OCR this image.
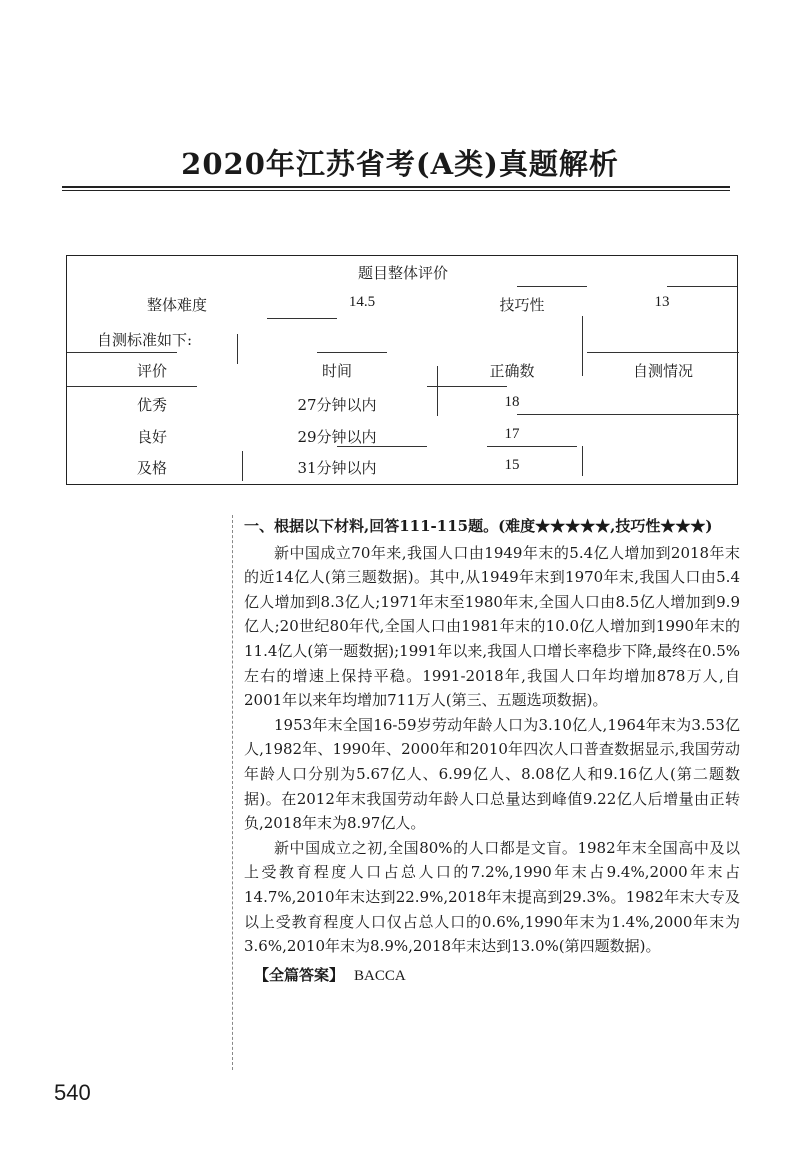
2020年江苏省考(A类)真题解析
题目整体评价
整体难度	14.5	技巧性	13
自测标准如下:
评价	时间	正确数	自测情况
优秀	27分钟以内	18
良好	29分钟以内	17
及格	31分钟以内	15

一、根据以下材料,回答111-115题。(难度★★★★★,技巧性★★★)

新中国成立70年来,我国人口由1949年末的5.4亿人增加到2018年末的近14亿人(第三题数据)。其中,从1949年末到1970年末,我国人口由5.4亿人增加到8.3亿人;1971年末至1980年末,全国人口由8.5亿人增加到9.9亿人;20世纪80年代,全国人口由1981年末的10.0亿人增加到1990年末的11.4亿人(第一题数据);1991年以来,我国人口增长率稳步下降,最终在0.5%左右的增速上保持平稳。1991-2018年,我国人口年均增加878万人,自2001年以来年均增加711万人(第三、五题选项数据)。

1953年末全国16-59岁劳动年龄人口为3.10亿人,1964年末为3.53亿人,1982年、1990年、2000年和2010年四次人口普查数据显示,我国劳动年龄人口分别为5.67亿人、6.99亿人、8.08亿人和9.16亿人(第二题数据)。在2012年末我国劳动年龄人口总量达到峰值9.22亿人后增量由正转负,2018年末为8.97亿人。

新中国成立之初,全国80%的人口都是文盲。1982年末全国高中及以上受教育程度人口占总人口的7.2%,1990年末占9.4%,2000年末占14.7%,2010年末达到22.9%,2018年末提高到29.3%。1982年末大专及以上受教育程度人口仅占总人口的0.6%,1990年末为1.4%,2000年末为3.6%,2010年末为8.9%,2018年末达到13.0%(第四题数据)。

【全篇答案】 BACCA

540
